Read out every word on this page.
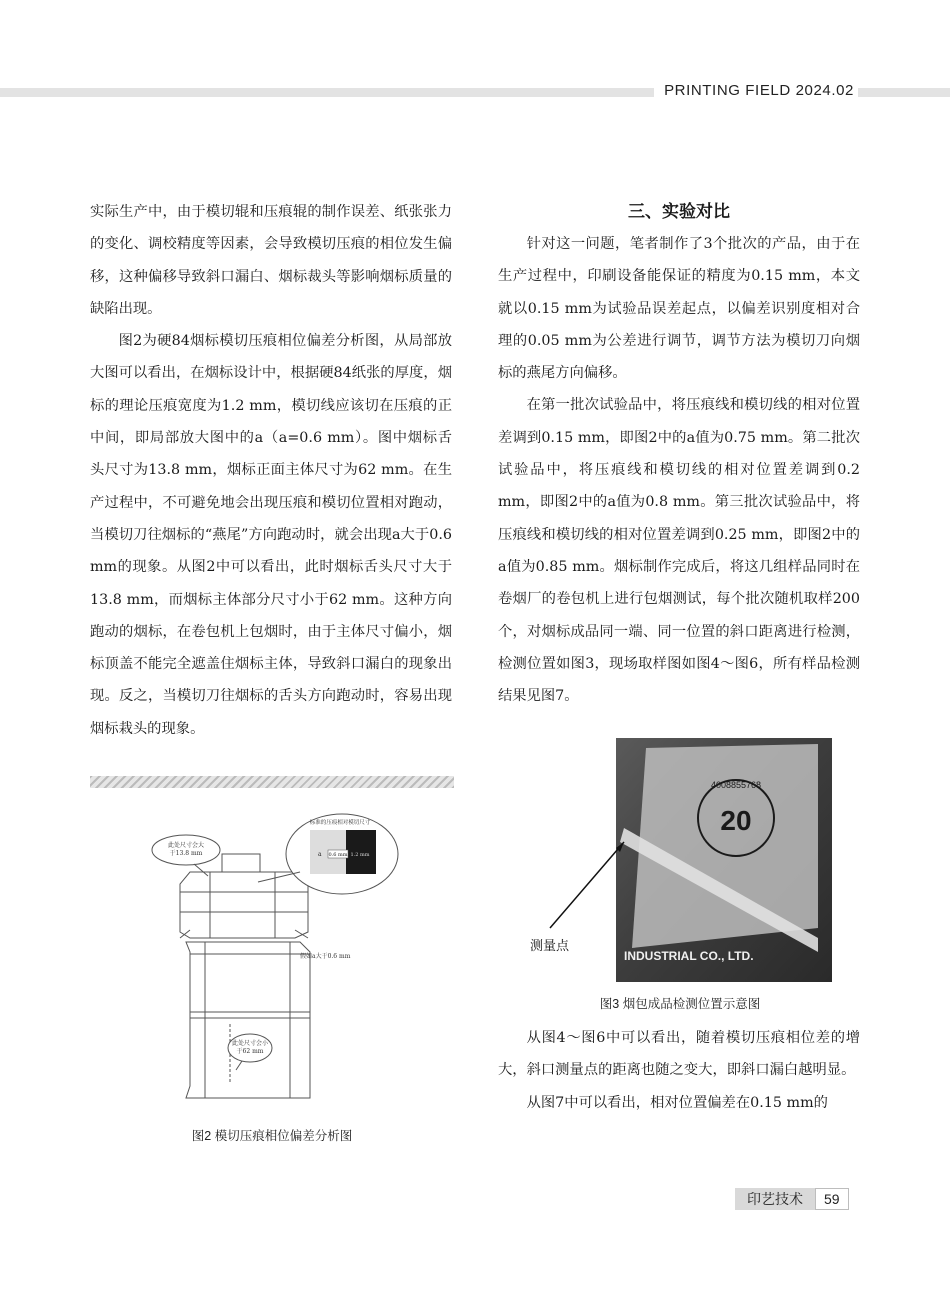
PRINTING FIELD 2024.02

实际生产中，由于模切辊和压痕辊的制作误差、纸张张力的变化、调校精度等因素，会导致模切压痕的相位发生偏移，这种偏移导致斜口漏白、烟标裁头等影响烟标质量的缺陷出现。

图2为硬84烟标模切压痕相位偏差分析图，从局部放大图可以看出，在烟标设计中，根据硬84纸张的厚度，烟标的理论压痕宽度为1.2 mm，模切线应该切在压痕的正中间，即局部放大图中的a（a=0.6 mm）。图中烟标舌头尺寸为13.8 mm，烟标正面主体尺寸为62 mm。在生产过程中，不可避免地会出现压痕和模切位置相对跑动，当模切刀往烟标的“燕尾”方向跑动时，就会出现a大于0.6 mm的现象。从图2中可以看出，此时烟标舌头尺寸大于13.8 mm，而烟标主体部分尺寸小于62 mm。这种方向跑动的烟标，在卷包机上包烟时，由于主体尺寸偏小，烟标顶盖不能完全遮盖住烟标主体，导致斜口漏白的现象出现。反之，当模切刀往烟标的舌头方向跑动时，容易出现烟标栽头的现象。

此处尺寸会大
于13.8 mm
此处尺寸会小
于62 mm
标准的压痕相对模切尺寸
a 0.6 mm 1.2 mm
假如a大于0.6 mm
图2 模切压痕相位偏差分析图

三、实验对比

针对这一问题，笔者制作了3个批次的产品，由于在生产过程中，印刷设备能保证的精度为0.15 mm，本文就以0.15 mm为试验品误差起点，以偏差识别度相对合理的0.05 mm为公差进行调节，调节方法为模切刀向烟标的燕尾方向偏移。

在第一批次试验品中，将压痕线和模切线的相对位置差调到0.15 mm，即图2中的a值为0.75 mm。第二批次试验品中，将压痕线和模切线的相对位置差调到0.2 mm，即图2中的a值为0.8 mm。第三批次试验品中，将压痕线和模切线的相对位置差调到0.25 mm，即图2中的a值为0.85 mm。烟标制作完成后，将这几组样品同时在卷烟厂的卷包机上进行包烟测试，每个批次随机取样200个，对烟标成品同一端、同一位置的斜口距离进行检测，检测位置如图3，现场取样图如图4～图6，所有样品检测结果见图7。

20
4008855768
INDUSTRIAL CO., LTD.
测量点
图3 烟包成品检测位置示意图

从图4～图6中可以看出，随着模切压痕相位差的增大，斜口测量点的距离也随之变大，即斜口漏白越明显。

从图7中可以看出，相对位置偏差在0.15 mm的

印艺技术	59
